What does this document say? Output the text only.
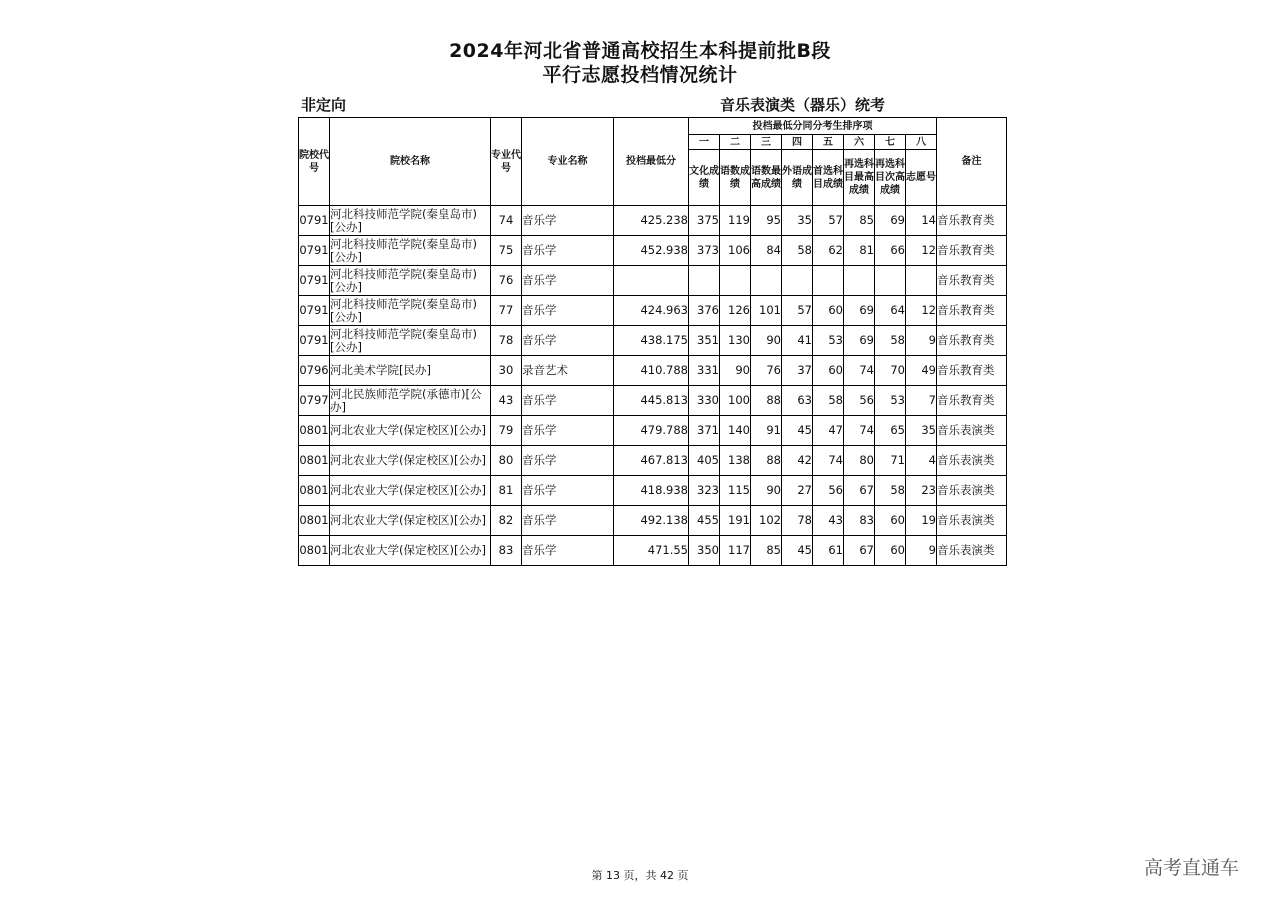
2024年河北省普通高校招生本科提前批B段
平行志愿投档情况统计
非定向	音乐表演类（器乐）统考
院校代号	院校名称	专业代号	专业名称	投档最低分	投档最低分同分考生排序项								备注
					一	二	三	四	五	六	七	八	
					文化成绩	语数成绩	语数最高成绩	外语成绩	首选科目成绩	再选科目最高成绩	再选科目次高成绩	志愿号	
0791	河北科技师范学院(秦皇岛市)[公办]	74	音乐学	425.238	375	119	95	35	57	85	69	14	音乐教育类
0791	河北科技师范学院(秦皇岛市)[公办]	75	音乐学	452.938	373	106	84	58	62	81	66	12	音乐教育类
0791	河北科技师范学院(秦皇岛市)[公办]	76	音乐学										音乐教育类
0791	河北科技师范学院(秦皇岛市)[公办]	77	音乐学	424.963	376	126	101	57	60	69	64	12	音乐教育类
0791	河北科技师范学院(秦皇岛市)[公办]	78	音乐学	438.175	351	130	90	41	53	69	58	9	音乐教育类
0796	河北美术学院[民办]	30	录音艺术	410.788	331	90	76	37	60	74	70	49	音乐教育类
0797	河北民族师范学院(承德市)[公办]	43	音乐学	445.813	330	100	88	63	58	56	53	7	音乐教育类
0801	河北农业大学(保定校区)[公办]	79	音乐学	479.788	371	140	91	45	47	74	65	35	音乐表演类
0801	河北农业大学(保定校区)[公办]	80	音乐学	467.813	405	138	88	42	74	80	71	4	音乐表演类
0801	河北农业大学(保定校区)[公办]	81	音乐学	418.938	323	115	90	27	56	67	58	23	音乐表演类
0801	河北农业大学(保定校区)[公办]	82	音乐学	492.138	455	191	102	78	43	83	60	19	音乐表演类
0801	河北农业大学(保定校区)[公办]	83	音乐学	471.55	350	117	85	45	61	67	60	9	音乐表演类
第 13 页，共 42 页	高考直通车
